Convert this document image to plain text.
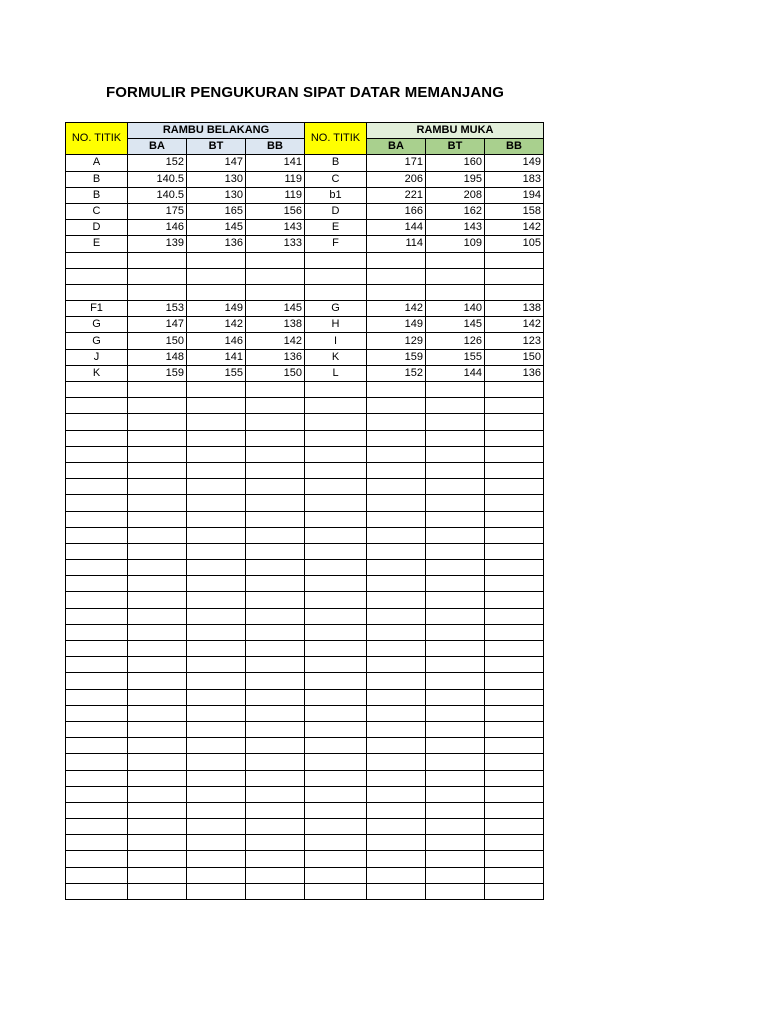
FORMULIR PENGUKURAN SIPAT DATAR MEMANJANG
NO. TITIK	RAMBU BELAKANG			NO. TITIK	RAMBU MUKA		
	BA	BT	BB		BA	BT	BB
A	152	147	141	B	171	160	149
B	140.5	130	119	C	206	195	183
B	140.5	130	119	b1	221	208	194
C	175	165	156	D	166	162	158
D	146	145	143	E	144	143	142
E	139	136	133	F	114	109	105

F1	153	149	145	G	142	140	138
G	147	142	138	H	149	145	142
G	150	146	142	I	129	126	123
J	148	141	136	K	159	155	150
K	159	155	150	L	152	144	136
